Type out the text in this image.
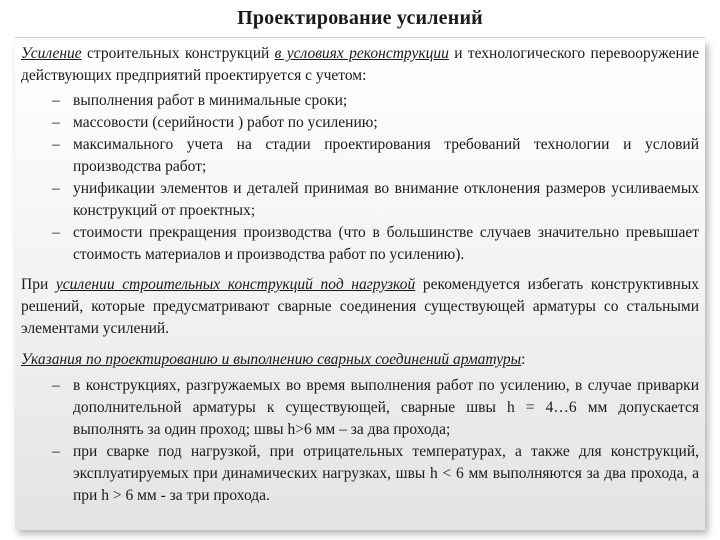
Проектирование усилений

Усиление строительных конструкций в условиях реконструкции и технологического перевооружение действующих предприятий проектируется с учетом:

– выполнения работ в минимальные сроки;
– массовости (серийности ) работ по усилению;
– максимального учета на стадии проектирования требований технологии и условий производства работ;
– унификации элементов и деталей принимая во внимание отклонения размеров усиливаемых конструкций от проектных;
– стоимости прекращения производства (что в большинстве случаев значительно превышает стоимость материалов и производства работ по усилению).

При усилении строительных конструкций под нагрузкой рекомендуется избегать конструктивных решений, которые предусматривают сварные соединения существующей арматуры со стальными элементами усилений.

Указания по проектированию и выполнению сварных соединений арматуры:

– в конструкциях, разгружаемых во время выполнения работ по усилению, в случае приварки дополнительной арматуры к существующей, сварные швы h = 4…6 мм допускается выполнять за один проход; швы h>6 мм – за два прохода;
– при сварке под нагрузкой, при отрицательных температурах, а также для конструкций, эксплуатируемых при динамических нагрузках, швы h < 6 мм выполняются за два прохода, а при h > 6 мм - за три прохода.
